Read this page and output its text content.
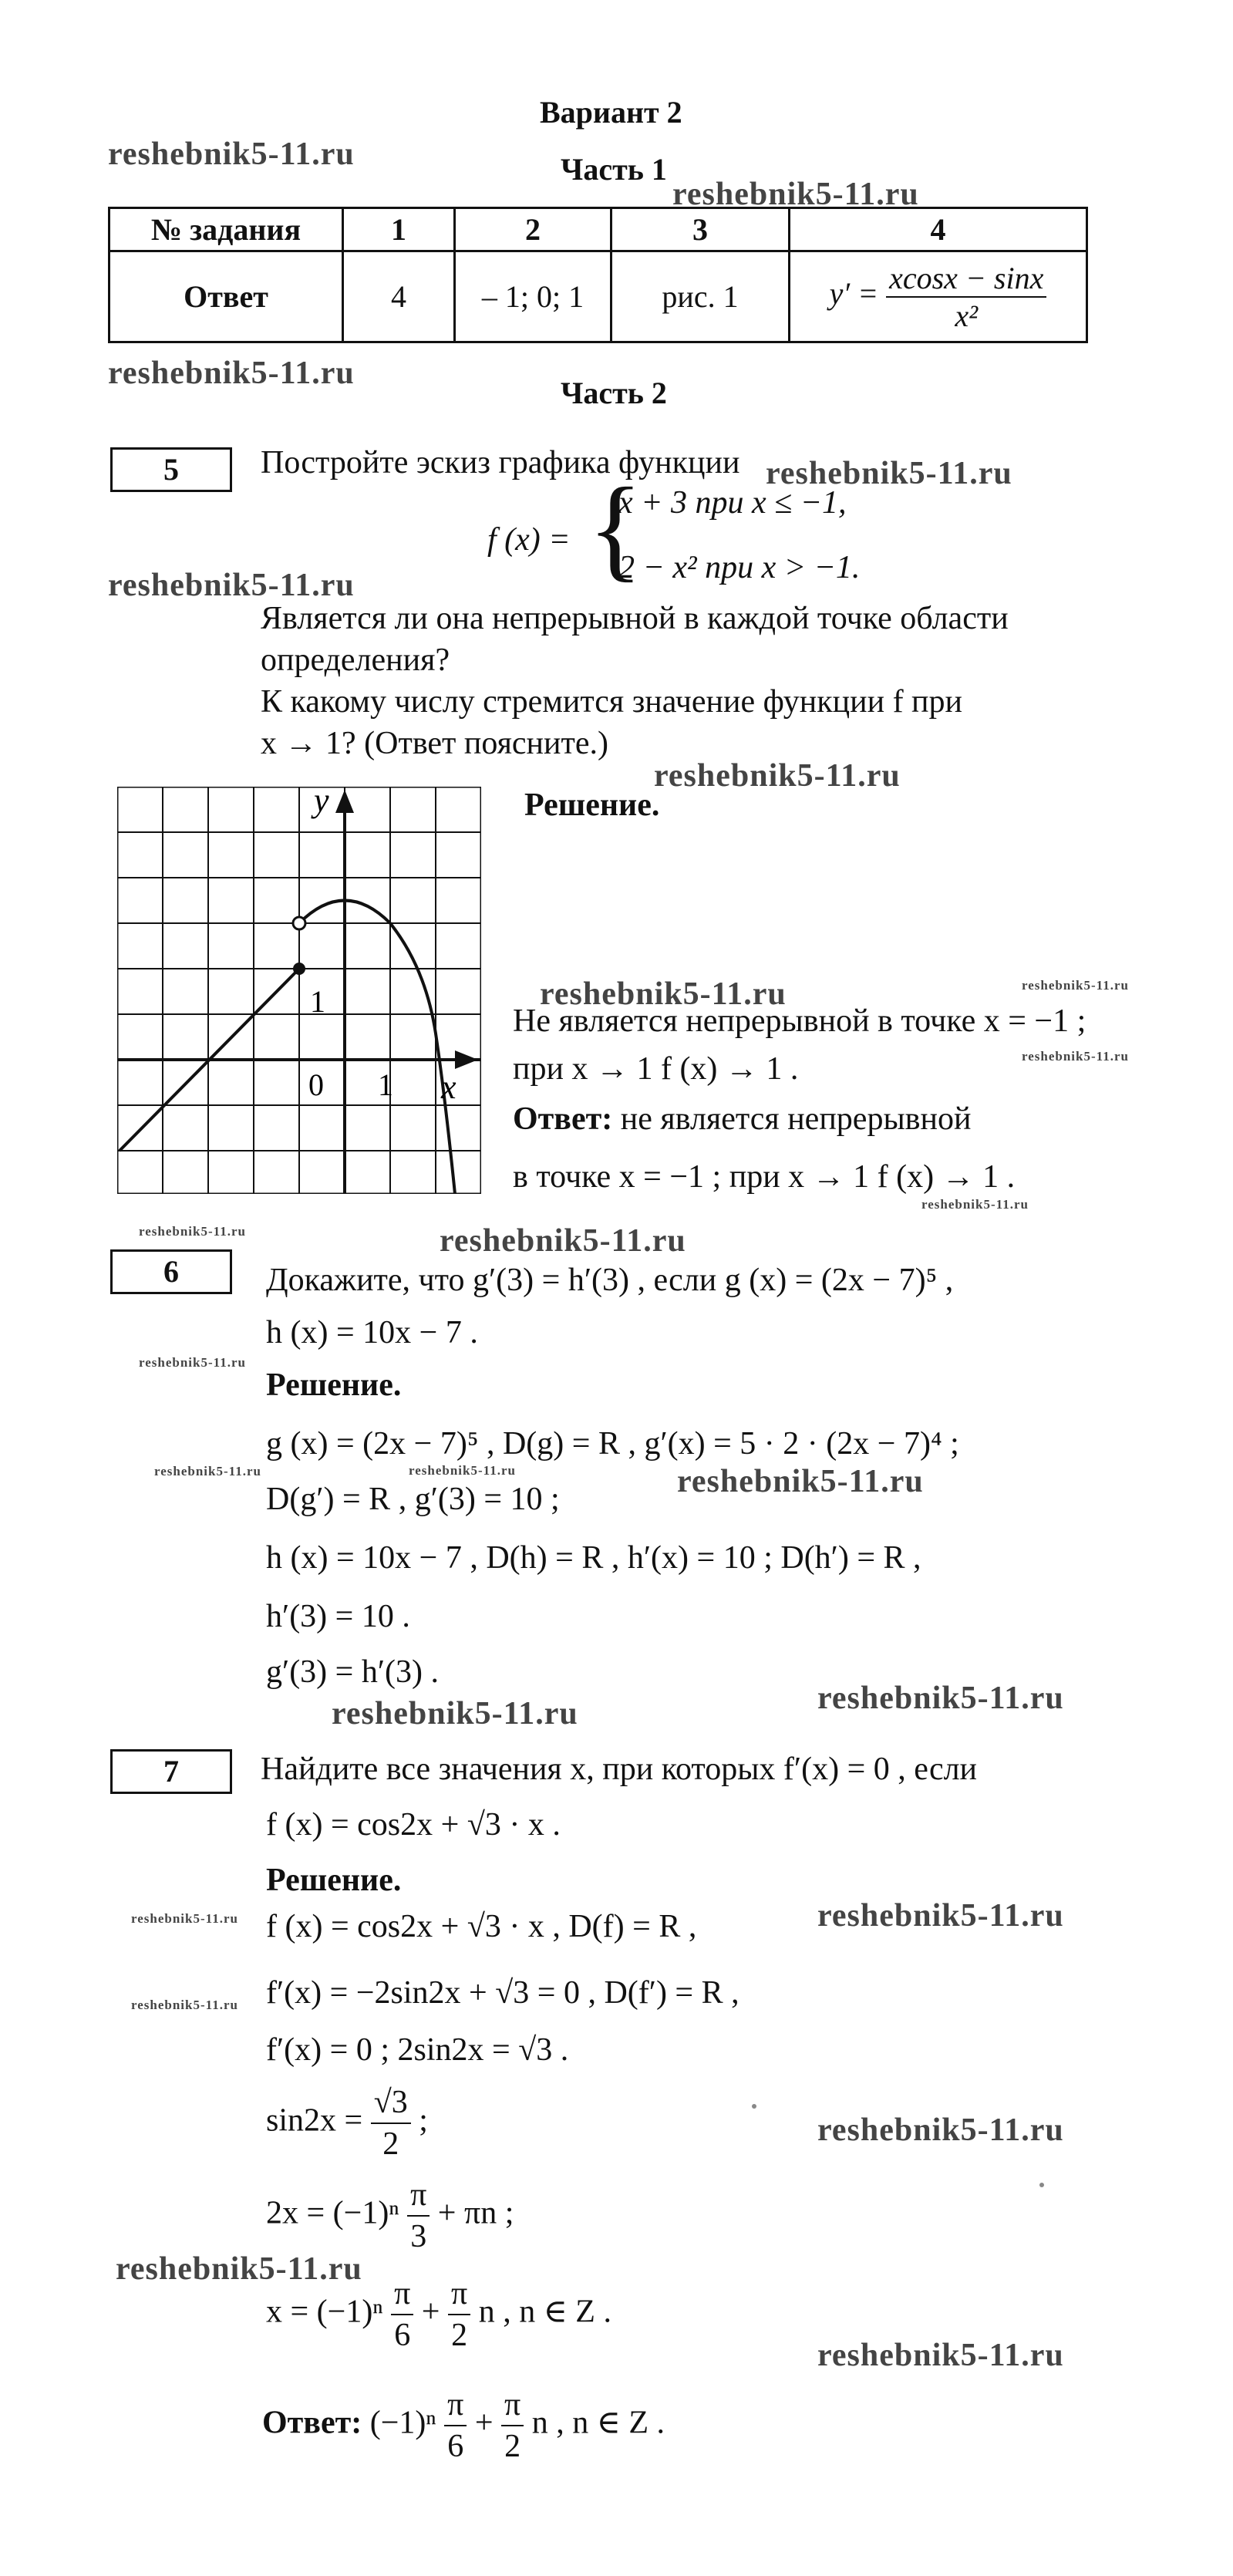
Вариант 2
Часть 1
reshebnik5-11.ru
reshebnik5-11.ru
reshebnik5-11.ru
reshebnik5-11.ru
reshebnik5-11.ru
reshebnik5-11.ru
reshebnik5-11.ru
reshebnik5-11.ru
reshebnik5-11.ru
reshebnik5-11.ru
reshebnik5-11.ru
reshebnik5-11.ru
reshebnik5-11.ru
reshebnik5-11.ru
reshebnik5-11.ru
reshebnik5-11.ru
reshebnik5-11.ru
reshebnik5-11.ru
reshebnik5-11.ru
reshebnik5-11.ru
reshebnik5-11.ru	reshebnik5-11.ru
reshebnik5-11.ru
reshebnik5-11.ru
№ задания	1	2	3	4
Ответ	4	– 1; 0; 1	рис. 1	$y' = \frac{xcosx - \sin x}{\text{x²}}$
Часть 2
5	Постройте эскиз графика функции
f (x) = {
x + 3 при x ≤ −1,
2 − x² при x > −1.
Является ли она непрерывной в каждой точке области
определения?
К какому числу стремится значение функции f при
x → 1? (Ответ поясните.)
y
x
0 1
1
Решение.
Не является непрерывной в точке x = −1 ;
при x → 1 f (x) → 1 .
Ответ: не является непрерывной
в точке x = −1 ; при x → 1 f (x) → 1 .
6	Докажите, что g′(3) = h′(3) , если g (x) = (2x − 7)⁵ ,
h (x) = 10x − 7 .
Решение.
g (x) = (2x − 7)⁵ , D(g) = R , g′(x) = 5 · 2 · (2x − 7)⁴ ;
D(g′) = R , g′(3) = 10 ;
h (x) = 10x − 7 , D(h) = R , h′(x) = 10 ; D(h′) = R ,
h′(3) = 10 .
g′(3) = h′(3) .
7	Найдите все значения x, при которых f′(x) = 0 , если
f (x) = cos2x + √3 · x .
Решение.
f (x) = cos2x + √3 · x , D(f) = R ,
f′(x) = −2sin2x + √3 = 0 , D(f′) = R ,
f′(x) = 0 ; 2sin2x = √3 .
$\sin 2x = \frac{√3}{2}$ ;
$2x = (-1)^n \frac{\pi}{3} + \pi n$ ;
$x = (-1)^n \frac{\pi}{6} + \frac{\pi}{2}$ n , n ∈ Z .
Ответ: $(-1)^n \frac{\pi}{6} + \frac{\pi}{2}$ n , n ∈ Z .
